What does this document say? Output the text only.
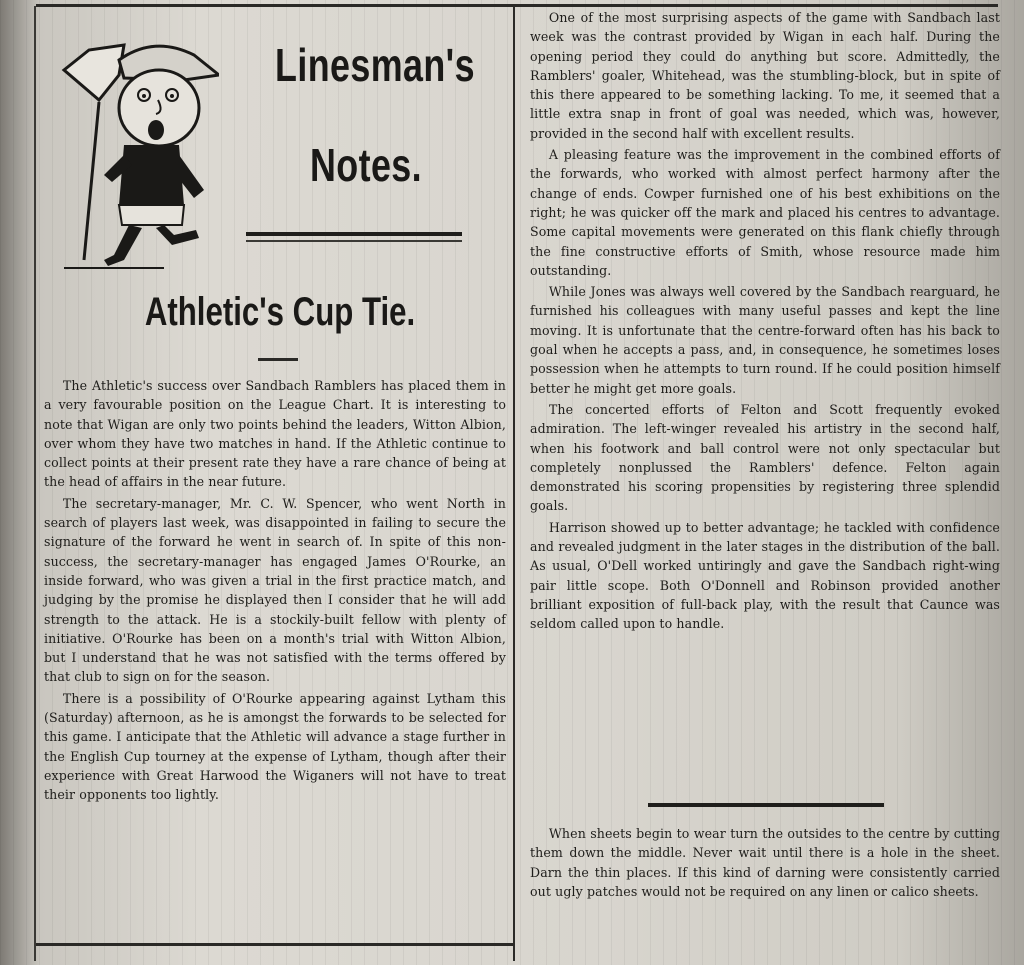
Linesman's
Notes.
Athletic's Cup Tie.

The Athletic's success over Sandbach Ramblers has placed them in a very favourable position on the League Chart. It is interesting to note that Wigan are only two points behind the leaders, Witton Albion, over whom they have two matches in hand. If the Athletic continue to collect points at their present rate they have a rare chance of being at the head of affairs in the near future.

The secretary-manager, Mr. C. W. Spencer, who went North in search of players last week, was disappointed in failing to secure the signature of the forward he went in search of. In spite of this non-success, the secretary-manager has engaged James O'Rourke, an inside forward, who was given a trial in the first practice match, and judging by the promise he displayed then I consider that he will add strength to the attack. He is a stockily-built fellow with plenty of initiative. O'Rourke has been on a month's trial with Witton Albion, but I understand that he was not satisfied with the terms offered by that club to sign on for the season.

There is a possibility of O'Rourke appearing against Lytham this (Saturday) afternoon, as he is amongst the forwards to be selected for this game. I anticipate that the Athletic will advance a stage further in the English Cup tourney at the expense of Lytham, though after their experience with Great Harwood the Wiganers will not have to treat their opponents too lightly.

One of the most surprising aspects of the game with Sandbach last week was the contrast provided by Wigan in each half. During the opening period they could do anything but score. Admittedly, the Ramblers' goaler, Whitehead, was the stumbling-block, but in spite of this there appeared to be something lacking. To me, it seemed that a little extra snap in front of goal was needed, which was, however, provided in the second half with excellent results.

A pleasing feature was the improvement in the combined efforts of the forwards, who worked with almost perfect harmony after the change of ends. Cowper furnished one of his best exhibitions on the right; he was quicker off the mark and placed his centres to advantage. Some capital movements were generated on this flank chiefly through the fine constructive efforts of Smith, whose resource made him outstanding.

While Jones was always well covered by the Sandbach rearguard, he furnished his colleagues with many useful passes and kept the line moving. It is unfortunate that the centre-forward often has his back to goal when he accepts a pass, and, in consequence, he sometimes loses possession when he attempts to turn round. If he could position himself better he might get more goals.

The concerted efforts of Felton and Scott frequently evoked admiration. The left-winger revealed his artistry in the second half, when his footwork and ball control were not only spectacular but completely nonplussed the Ramblers' defence. Felton again demonstrated his scoring propensities by registering three splendid goals.

Harrison showed up to better advantage; he tackled with confidence and revealed judgment in the later stages in the distribution of the ball. As usual, O'Dell worked untiringly and gave the Sandbach right-wing pair little scope. Both O'Donnell and Robinson provided another brilliant exposition of full-back play, with the result that Caunce was seldom called upon to handle.

When sheets begin to wear turn the outsides to the centre by cutting them down the middle. Never wait until there is a hole in the sheet. Darn the thin places. If this kind of darning were consistently carried out ugly patches would not be required on any linen or calico sheets.
